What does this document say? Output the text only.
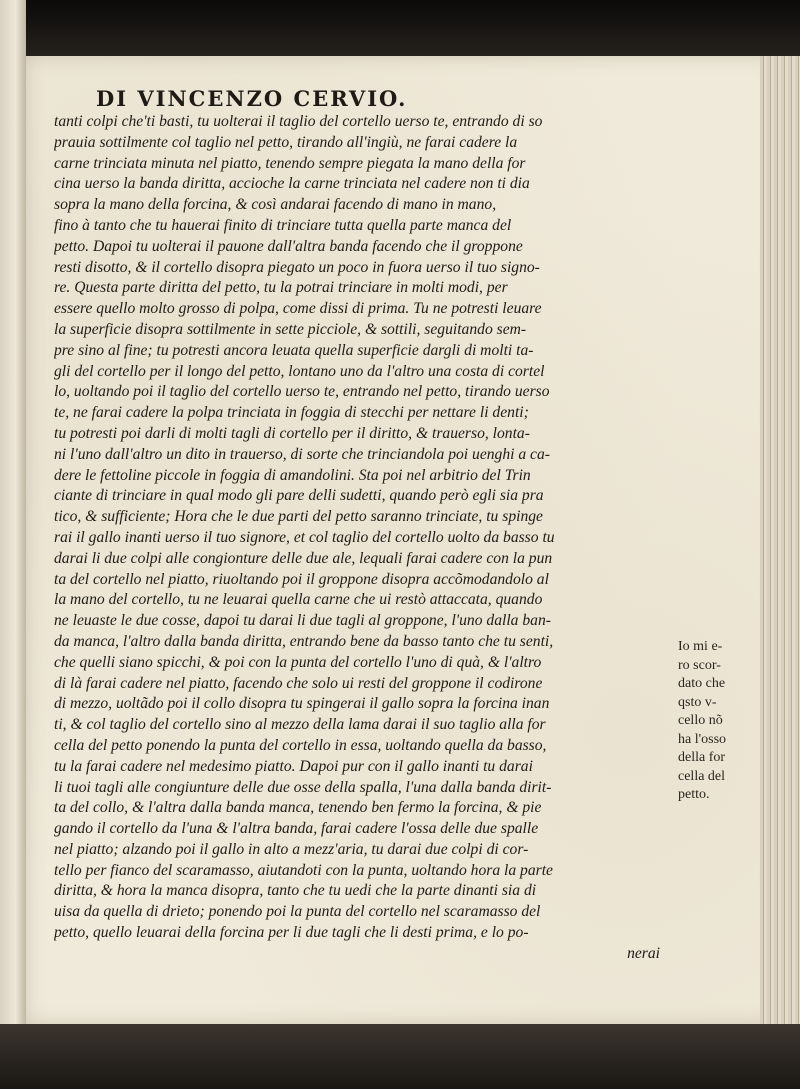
DI VINCENZO CERVIO.
tanti colpi che'ti basti, tu uolterai il taglio del cortello uerso te, entrando di so
prauia sottilmente col taglio nel petto, tirando all'ingiù, ne farai cadere la
carne trinciata minuta nel piatto, tenendo sempre piegata la mano della for
cina uerso la banda diritta, accioche la carne trinciata nel cadere non ti dia
sopra la mano della forcina, & così andarai facendo di mano in mano,
fino à tanto che tu hauerai finito di trinciare tutta quella parte manca del
petto. Dapoi tu uolterai il pauone dall'altra banda facendo che il groppone
resti disotto, & il cortello disopra piegato un poco in fuora uerso il tuo signo-
re. Questa parte diritta del petto, tu la potrai trinciare in molti modi, per
essere quello molto grosso di polpa, come dissi di prima. Tu ne potresti leuare
la superficie disopra sottilmente in sette picciole, & sottili, seguitando sem-
pre sino al fine; tu potresti ancora leuata quella superficie dargli di molti ta-
gli del cortello per il longo del petto, lontano uno da l'altro una costa di cortel
lo, uoltando poi il taglio del cortello uerso te, entrando nel petto, tirando uerso
te, ne farai cadere la polpa trinciata in foggia di stecchi per nettare li denti;
tu potresti poi darli di molti tagli di cortello per il diritto, & trauerso, lonta-
ni l'uno dall'altro un dito in trauerso, di sorte che trinciandola poi uenghi a ca-
dere le fettoline piccole in foggia di amandolini. Sta poi nel arbitrio del Trin
ciante di trinciare in qual modo gli pare delli sudetti, quando però egli sia pra
tico, & sufficiente; Hora che le due parti del petto saranno trinciate, tu spinge
rai il gallo inanti uerso il tuo signore, et col taglio del cortello uolto da basso tu
darai li due colpi alle congionture delle due ale, lequali farai cadere con la pun
ta del cortello nel piatto, riuoltando poi il groppone disopra accõmodandolo al
la mano del cortello, tu ne leuarai quella carne che ui restò attaccata, quando
ne leuaste le due cosse, dapoi tu darai li due tagli al groppone, l'uno dalla ban-
da manca, l'altro dalla banda diritta, entrando bene da basso tanto che tu senti,
che quelli siano spicchi, & poi con la punta del cortello l'uno di quà, & l'altro
di là farai cadere nel piatto, facendo che solo ui resti del groppone il codirone
di mezzo, uoltãdo poi il collo disopra tu spingerai il gallo sopra la forcina inan
ti, & col taglio del cortello sino al mezzo della lama darai il suo taglio alla for
cella del petto ponendo la punta del cortello in essa, uoltando quella da basso,
tu la farai cadere nel medesimo piatto. Dapoi pur con il gallo inanti tu darai
li tuoi tagli alle congiunture delle due osse della spalla, l'una dalla banda dirit-
ta del collo, & l'altra dalla banda manca, tenendo ben fermo la forcina, & pie
gando il cortello da l'una & l'altra banda, farai cadere l'ossa delle due spalle
nel piatto; alzando poi il gallo in alto a mezz'aria, tu darai due colpi di cor-
tello per fianco del scaramasso, aiutandoti con la punta, uoltando hora la parte
diritta, & hora la manca disopra, tanto che tu uedi che la parte dinanti sia di
uisa da quella di drieto; ponendo poi la punta del cortello nel scaramasso del
petto, quello leuarai della forcina per li due tagli che li desti prima, e lo po-
nerai
Io mi e-
ro scor-
dato che
qsto v-
cello nõ
ha l'osso
della for
cella del
petto.
